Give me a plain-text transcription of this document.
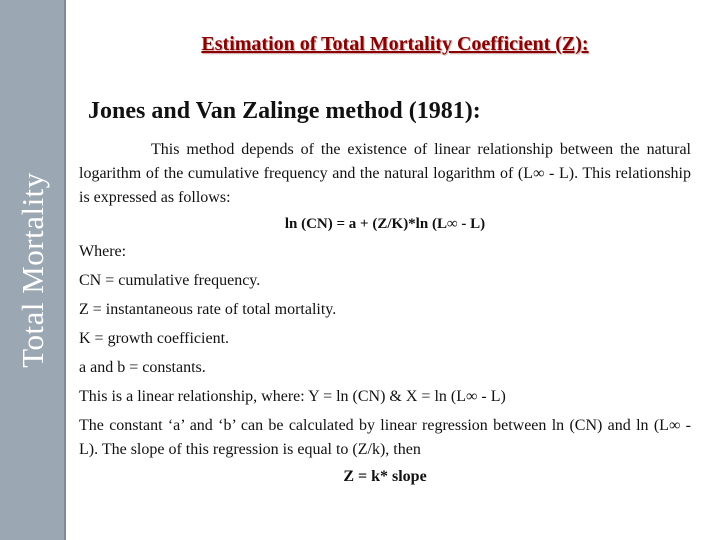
Total Mortality
Estimation of Total Mortality Coefficient (Z):
Jones and Van Zalinge method (1981):

This method depends of the existence of linear relationship between the natural logarithm of the cumulative frequency and the natural logarithm of (L∞ - L). This relationship is expressed as follows:

ln (CN) = a + (Z/K)*ln (L∞ - L)
Where:
CN = cumulative frequency.
Z = instantaneous rate of total mortality.
K = growth coefficient.
a and b = constants.
This is a linear relationship, where: Y = ln (CN) & X = ln (L∞ - L)

The constant ‘a’ and ‘b’ can be calculated by linear regression between ln (CN) and ln (L∞ - L). The slope of this regression is equal to (Z/k), then

Z = k* slope
